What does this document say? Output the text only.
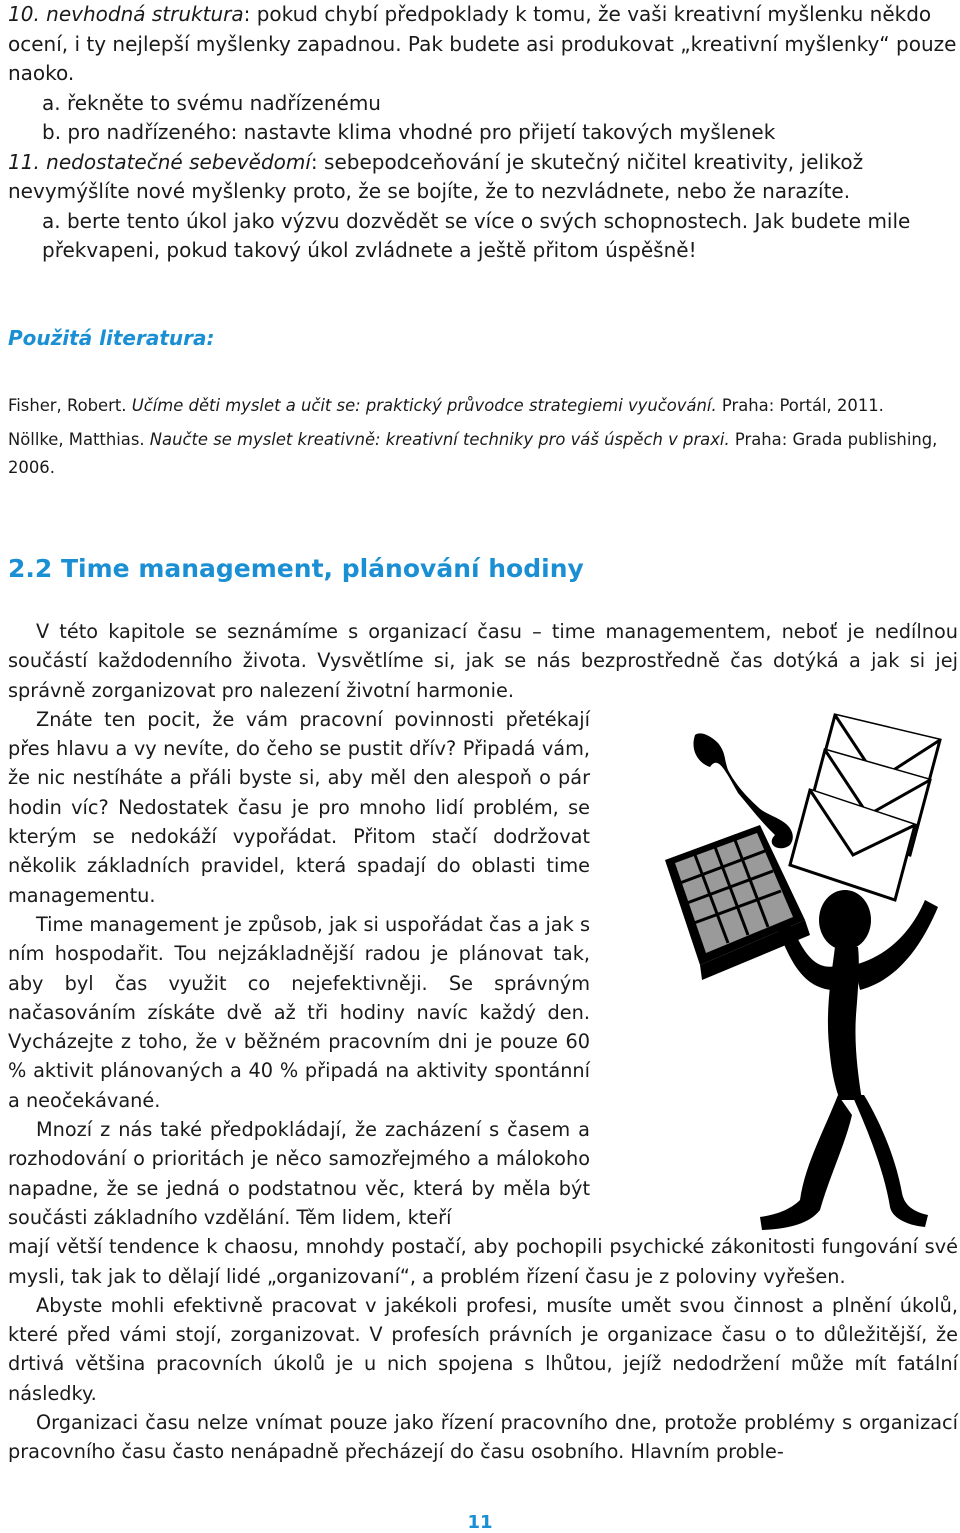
10. nevhodná struktura: pokud chybí předpoklady k tomu, že vaši kreativní myšlenku někdo ocení, i ty nejlepší myšlenky zapadnou. Pak budete asi produkovat „kreativní myšlenky“ pouze naoko.

a. řekněte to svému nadřízenému

b. pro nadřízeného: nastavte klima vhodné pro přijetí takových myšlenek

11. nedostatečné sebevědomí: sebepodceňování je skutečný ničitel kreativity, jelikož nevymýšlíte nové myšlenky proto, že se bojíte, že to nezvládnete, nebo že narazíte.

a. berte tento úkol jako výzvu dozvědět se více o svých schopnostech. Jak budete mile překvapeni, pokud takový úkol zvládnete a ještě přitom úspěšně!

Použitá literatura:

Fisher, Robert. Učíme děti myslet a učit se: praktický průvodce strategiemi vyučování. Praha: Portál, 2011.

Nöllke, Matthias. Naučte se myslet kreativně: kreativní techniky pro váš úspěch v praxi. Praha: Grada publishing, 2006.

2.2 Time management, plánování hodiny

V této kapitole se seznámíme s organizací času – time managementem, neboť je nedílnou součástí každodenního života. Vysvětlíme si, jak se nás bezprostředně čas dotýká a jak si jej správně zorganizovat pro nalezení životní harmonie.

Znáte ten pocit, že vám pracovní povinnosti přetékají přes hlavu a vy nevíte, do čeho se pustit dřív? Připadá vám, že nic nestíháte a přáli byste si, aby měl den alespoň o pár hodin víc? Nedostatek času je pro mnoho lidí problém, se kterým se nedokáží vypořádat. Přitom stačí dodržovat několik základních pravidel, která spadají do oblasti time managementu.

Time management je způsob, jak si uspořádat čas a jak s ním hospodařit. Tou nejzákladnější radou je plánovat tak, aby byl čas využit co nejefektivněji. Se správným načasováním získáte dvě až tři hodiny navíc každý den. Vycházejte z toho, že v běžném pracovním dni je pouze 60 % aktivit plánovaných a 40 % připadá na aktivity spontánní a neočekávané.

Mnozí z nás také předpokládají, že zacházení s časem a rozhodování o prioritách je něco samozřejmého a málokoho napadne, že se jedná o podstatnou věc, která by měla být součásti základního vzdělání. Těm lidem, kteří

mají větší tendence k chaosu, mnohdy postačí, aby pochopili psychické zákonitosti fungování své mysli, tak jak to dělají lidé „organizovaní“, a problém řízení času je z poloviny vyřešen.

Abyste mohli efektivně pracovat v jakékoli profesi, musíte umět svou činnost a plnění úkolů, které před vámi stojí, zorganizovat. V profesích právních je organizace času o to důležitější, že drtivá většina pracovních úkolů je u nich spojena s lhůtou, jejíž nedodržení může mít fatální následky.

Organizaci času nelze vnímat pouze jako řízení pracovního dne, protože problémy s organizací pracovního času často nenápadně přecházejí do času osobního. Hlavním proble-

11
